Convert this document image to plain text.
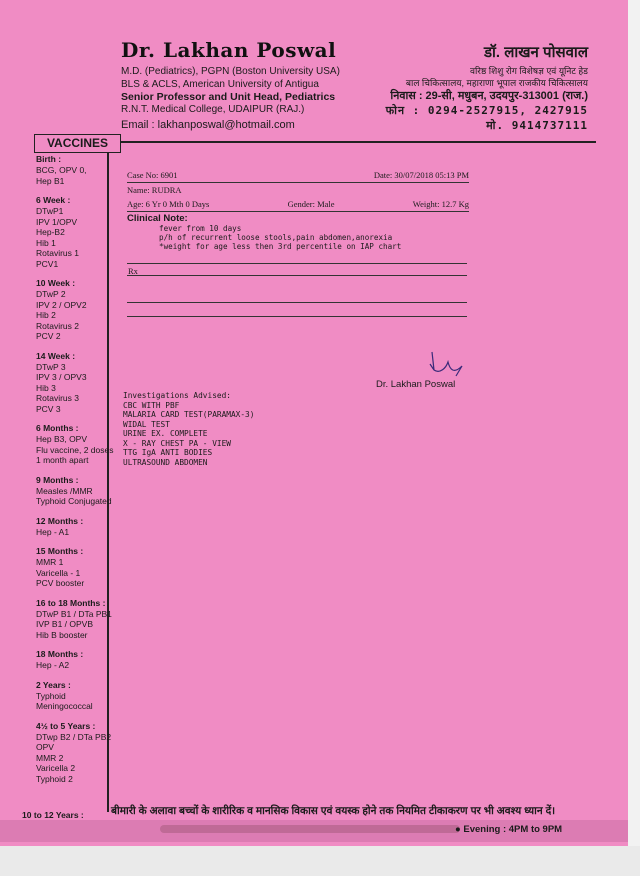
Dr. Lakhan Poswal
M.D. (Pediatrics), PGPN (Boston University USA)
BLS & ACLS, American University of Antigua
Senior Professor and Unit Head, Pediatrics
R.N.T. Medical College, UDAIPUR (RAJ.)
Email : lakhanposwal@hotmail.com
डॉ. लाखन पोसवाल
वरिष्ठ शिशु रोग विशेषज्ञ एवं यूनिट हेड
बाल चिकित्सालय, महाराणा भूपाल राजकीय चिकित्सालय
निवास : 29-सी, मधुबन, उदयपुर-313001 (राज.)
फोन : 0294-2527915, 2427915
मो. 9414737111
VACCINES
Birth :
BCG, OPV 0,
Hep B1
6 Week :
DTwP1
IPV 1/OPV
Hep-B2
Hib 1
Rotavirus 1
PCV1
10 Week :
DTwP 2
IPV 2 / OPV2
Hib 2
Rotavirus 2
PCV 2
14 Week :
DTwP 3
IPV 3 / OPV3
Hib 3
Rotavirus 3
PCV 3
6 Months :
Hep B3, OPV
Flu vaccine, 2 doses
1 month apart
9 Months :
Measles /MMR
Typhoid Conjugated
12 Months :
Hep - A1
15 Months :
MMR 1
Varicella - 1
PCV booster
16 to 18 Months :
DTwP B1 / DTa PB1
IVP B1 / OPVB
Hib B booster
18 Months :
Hep - A2
2 Years :
Typhoid
Meningococcal
4½ to 5 Years :
DTwp B2 / DTa PB2
OPV
MMR 2
Varicella 2
Typhoid 2
Case No: 6901	Date: 30/07/2018 05:13 PM
Name: RUDRA
Age: 6 Yr 0 Mth 0 Days	Gender: Male	Weight: 12.7 Kg
Clinical Note:
fever from 10 days
p/h of recurrent loose stools,pain abdomen,anorexia
*weight for age less then 3rd percentile on IAP chart
Rx
Dr. Lakhan Poswal
Investigations Advised:
CBC WITH PBF
MALARIA CARD TEST(PARAMAX-3)
WIDAL TEST
URINE EX. COMPLETE
X - RAY CHEST PA - VIEW
TTG IgA ANTI BODIES
ULTRASOUND ABDOMEN
10 to 12 Years :	बीमारी के अलावा बच्चों के शारीरिक व मानसिक विकास एवं वयस्क होने तक नियमित टीकाकरण पर भी अवश्य ध्यान दें।
● Evening : 4PM to 9PM
